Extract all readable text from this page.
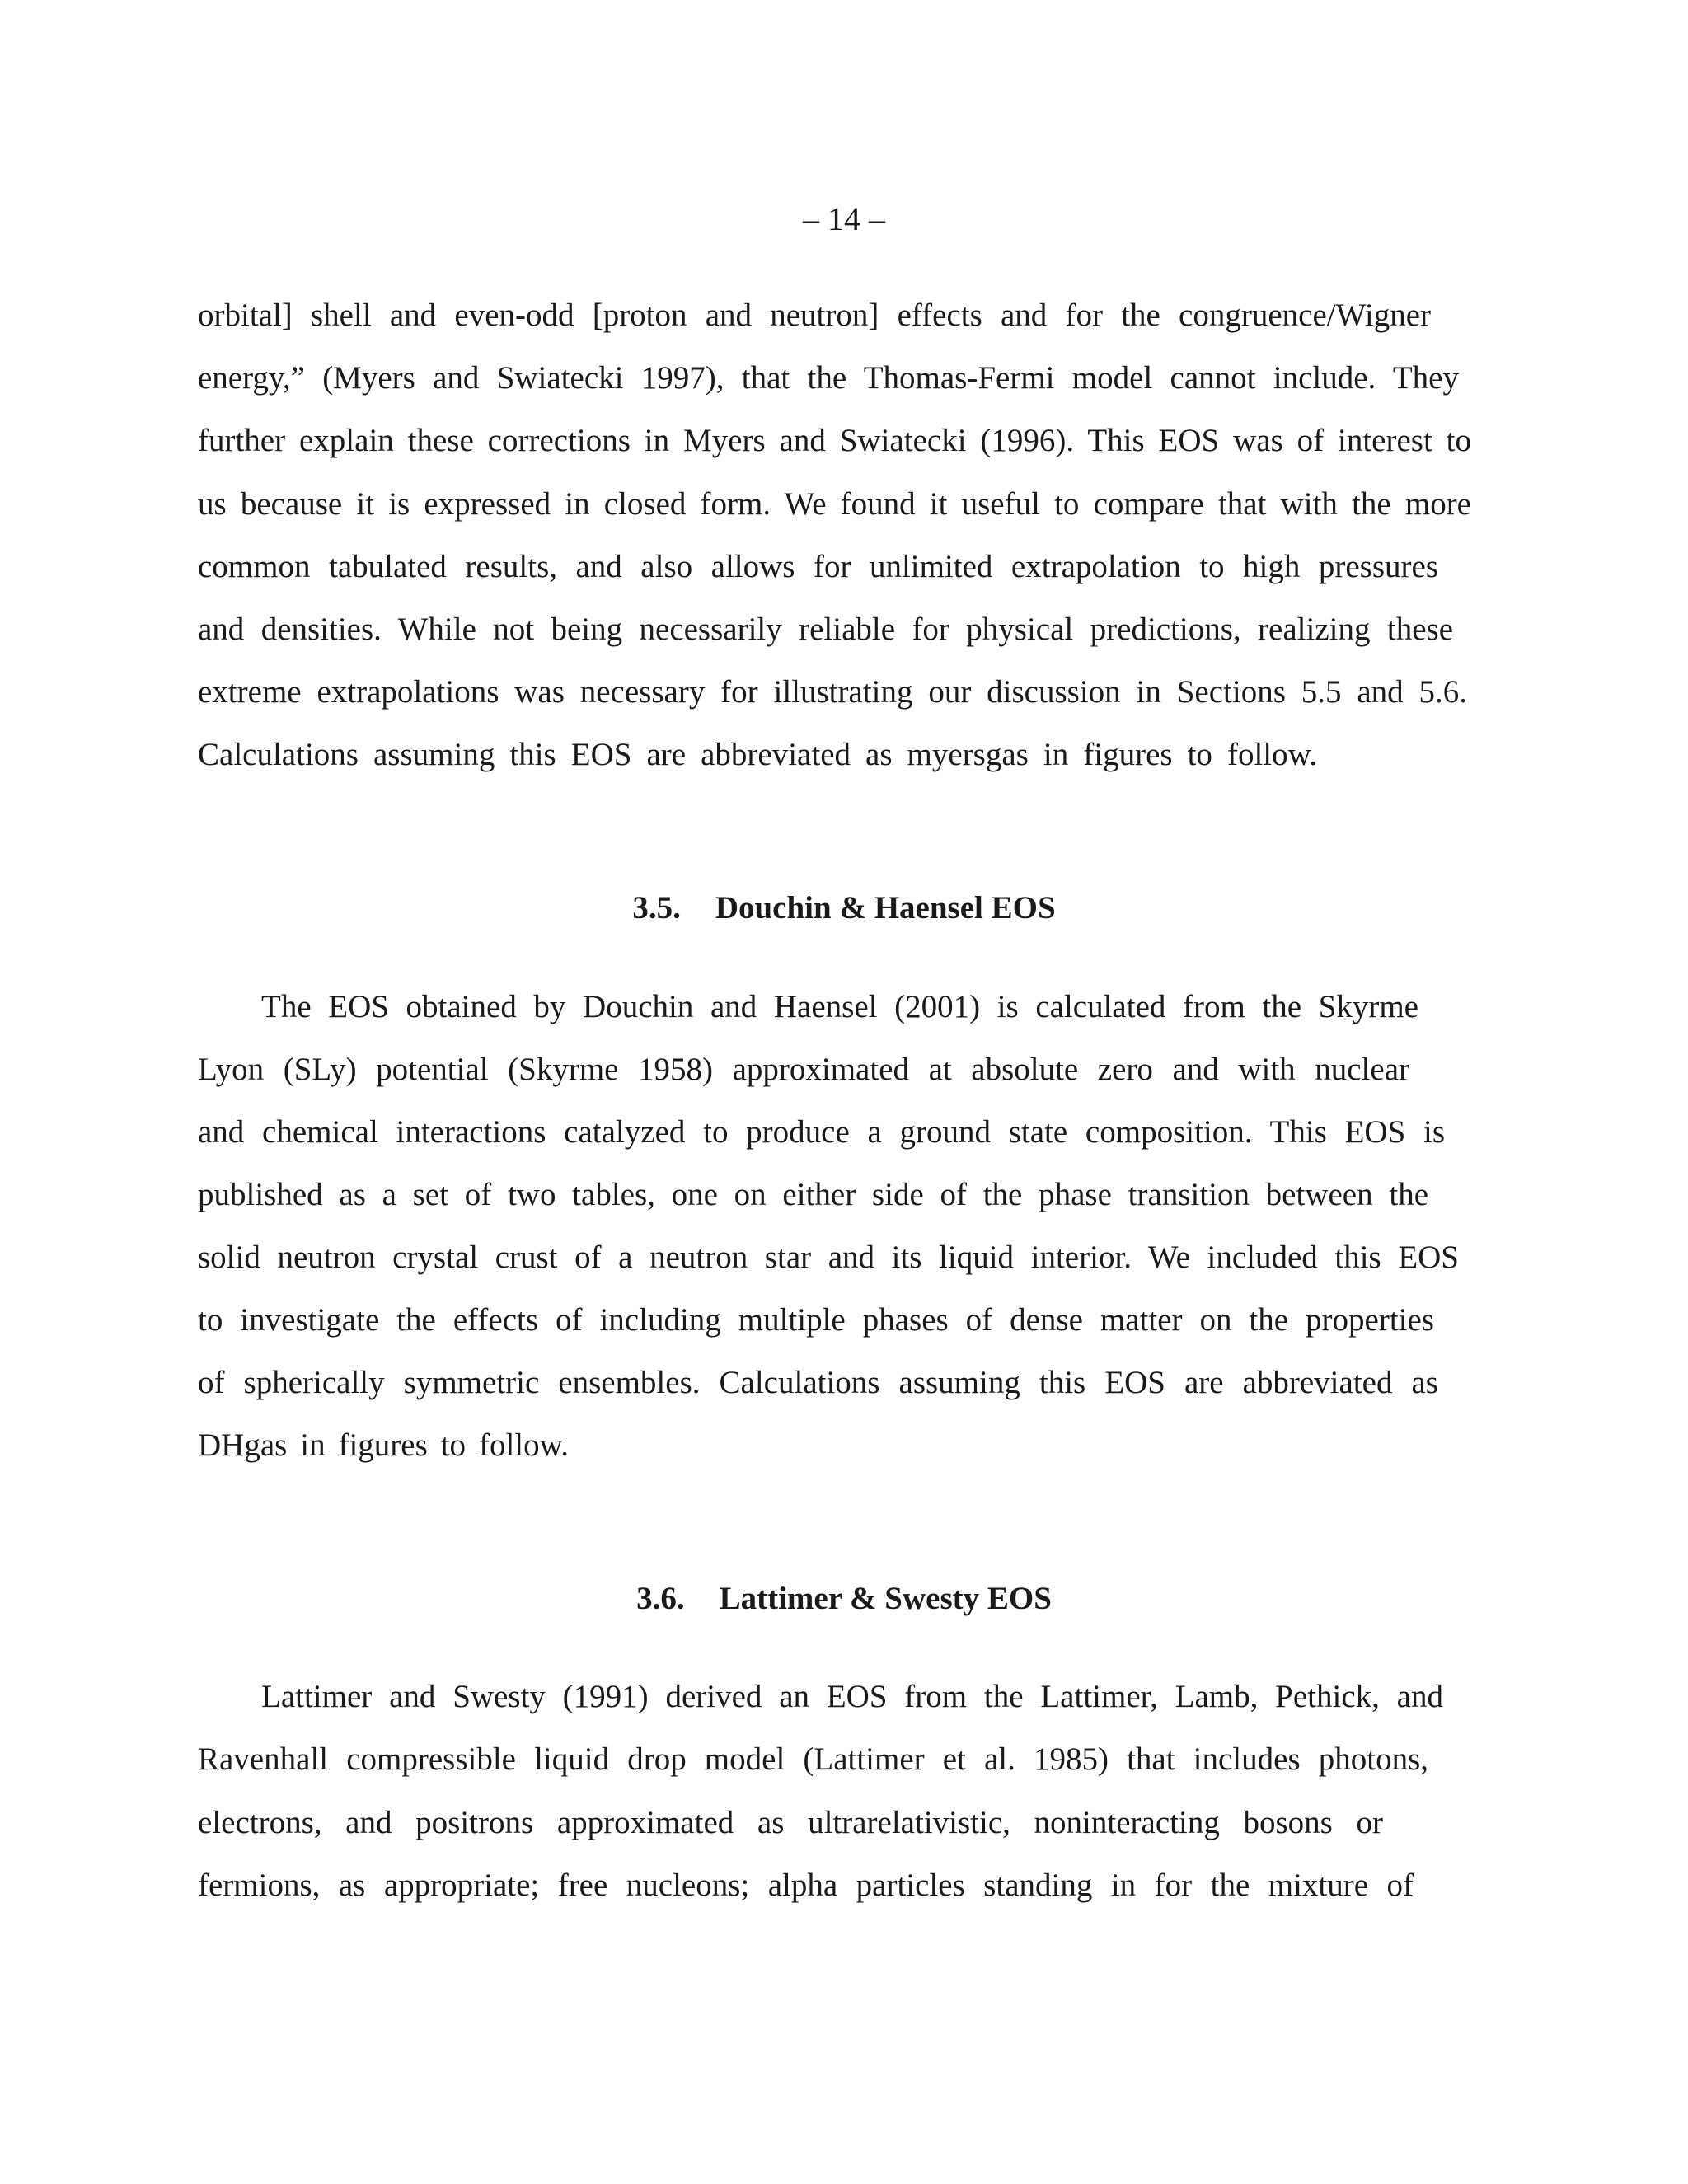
– 14 –
orbital] shell and even-odd [proton and neutron] effects and for the congruence/Wigner
energy,” (Myers and Swiatecki 1997), that the Thomas-Fermi model cannot include. They
further explain these corrections in Myers and Swiatecki (1996). This EOS was of interest to
us because it is expressed in closed form. We found it useful to compare that with the more
common tabulated results, and also allows for unlimited extrapolation to high pressures
and densities. While not being necessarily reliable for physical predictions, realizing these
extreme extrapolations was necessary for illustrating our discussion in Sections 5.5 and 5.6.
Calculations assuming this EOS are abbreviated as myersgas in figures to follow.
3.5. Douchin & Haensel EOS
The EOS obtained by Douchin and Haensel (2001) is calculated from the Skyrme
Lyon (SLy) potential (Skyrme 1958) approximated at absolute zero and with nuclear
and chemical interactions catalyzed to produce a ground state composition. This EOS is
published as a set of two tables, one on either side of the phase transition between the
solid neutron crystal crust of a neutron star and its liquid interior. We included this EOS
to investigate the effects of including multiple phases of dense matter on the properties
of spherically symmetric ensembles. Calculations assuming this EOS are abbreviated as
DHgas in figures to follow.
3.6. Lattimer & Swesty EOS
Lattimer and Swesty (1991) derived an EOS from the Lattimer, Lamb, Pethick, and
Ravenhall compressible liquid drop model (Lattimer et al. 1985) that includes photons,
electrons, and positrons approximated as ultrarelativistic, noninteracting bosons or
fermions, as appropriate; free nucleons; alpha particles standing in for the mixture of
